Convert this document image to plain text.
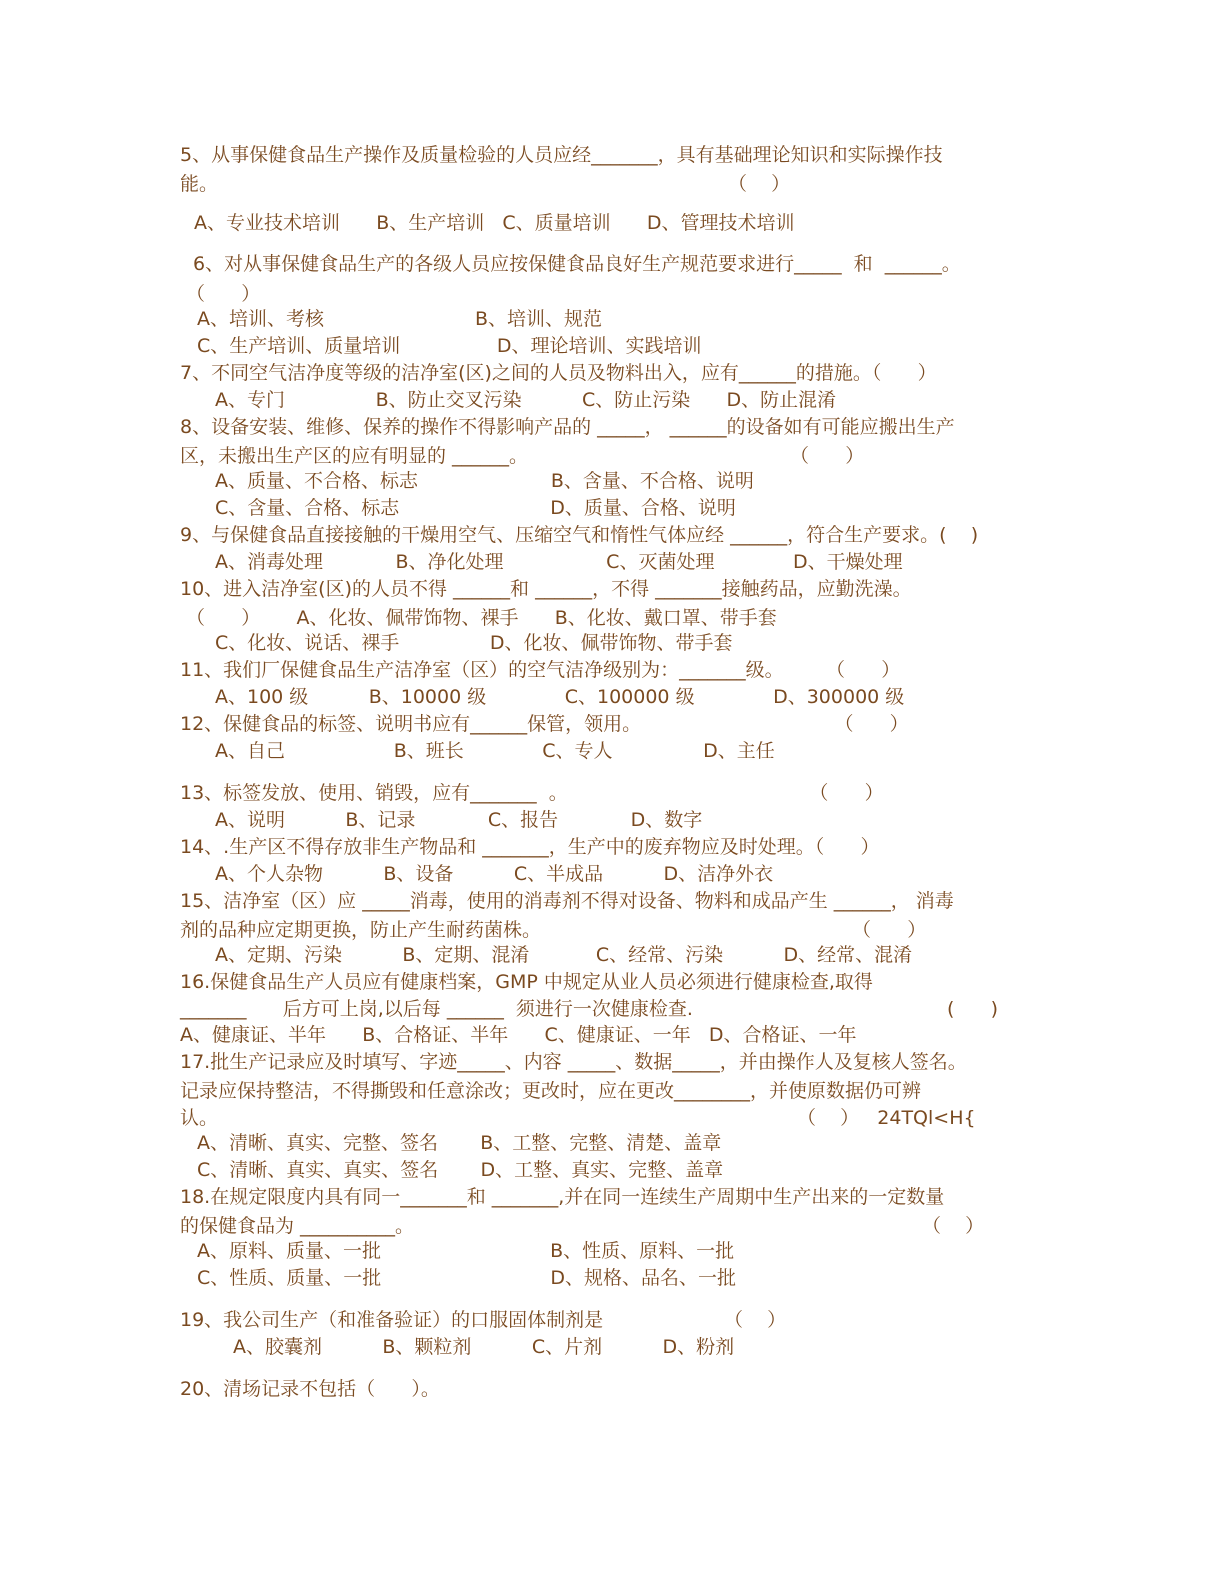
5、从事保健食品生产操作及质量检验的人员应经_______，具有基础理论知识和实际操作技
能。	（    ）
A、专业技术培训      B、生产培训   C、质量培训      D、管理技术培训
6、对从事保健食品生产的各级人员应按保健食品良好生产规范要求进行_____  和  ______。
（      ）
A、培训、考核                         B、培训、规范
C、生产培训、质量培训                D、理论培训、实践培训
7、不同空气洁净度等级的洁净室(区)之间的人员及物料出入，应有______的措施。（      ）
A、专门               B、防止交叉污染          C、防止污染      D、防止混淆
8、设备安装、维修、保养的操作不得影响产品的 _____， ______的设备如有可能应搬出生产
区，未搬出生产区的应有明显的 ______。	（      ）
A、质量、不合格、标志                      B、含量、不合格、说明
C、含量、合格、标志                         D、质量、合格、说明
9、与保健食品直接接触的干燥用空气、压缩空气和惰性气体应经 ______，符合生产要求。(    )
A、消毒处理            B、净化处理                 C、灭菌处理             D、干燥处理
10、进入洁净室(区)的人员不得 ______和 ______，不得 _______接触药品，应勤洗澡。
（      ）      A、化妆、佩带饰物、裸手      B、化妆、戴口罩、带手套
C、化妆、说话、裸手               D、化妆、佩带饰物、带手套
11、我们厂保健食品生产洁净室（区）的空气洁净级别为：_______级。       （      ）
A、100 级          B、10000 级             C、100000 级             D、300000 级
12、保健食品的标签、说明书应有______保管，领用。                                （      ）
A、自己                  B、班长             C、专人               D、主任
13、标签发放、使用、销毁，应有_______  。                                        （      ）
A、说明          B、记录            C、报告            D、数字
14、.生产区不得存放非生产物品和 _______，生产中的废弃物应及时处理。（      ）
A、个人杂物          B、设备          C、半成品          D、洁净外衣
15、洁净室（区）应 _____消毒，使用的消毒剂不得对设备、物料和成品产生 ______， 消毒
剂的品种应定期更换，防止产生耐药菌株。	（      ）
A、定期、污染          B、定期、混淆           C、经常、污染          D、经常、混淆
16.保健食品生产人员应有健康档案，GMP 中规定从业人员必须进行健康检查,取得
_______      后方可上岗,以后每 ______  须进行一次健康检查.	(      )
A、健康证、半年      B、合格证、半年      C、健康证、一年   D、合格证、一年
17.批生产记录应及时填写、字迹_____、内容 _____、数据_____，并由操作人及复核人签名。
记录应保持整洁，不得撕毁和任意涂改；更改时，应在更改________，并使原数据仍可辨
认。	（    ）   24TQl<H{
A、清晰、真实、完整、签名       B、工整、完整、清楚、盖章
C、清晰、真实、真实、签名       D、工整、真实、完整、盖章
18.在规定限度内具有同一_______和 _______,并在同一连续生产周期中生产出来的一定数量
的保健食品为 __________。	（    ）
A、原料、质量、一批                            B、性质、原料、一批
C、性质、质量、一批                            D、规格、品名、一批
19、我公司生产（和准备验证）的口服固体制剂是                    （    ）
A、胶囊剂          B、颗粒剂          C、片剂          D、粉剂
20、清场记录不包括（      ）。
